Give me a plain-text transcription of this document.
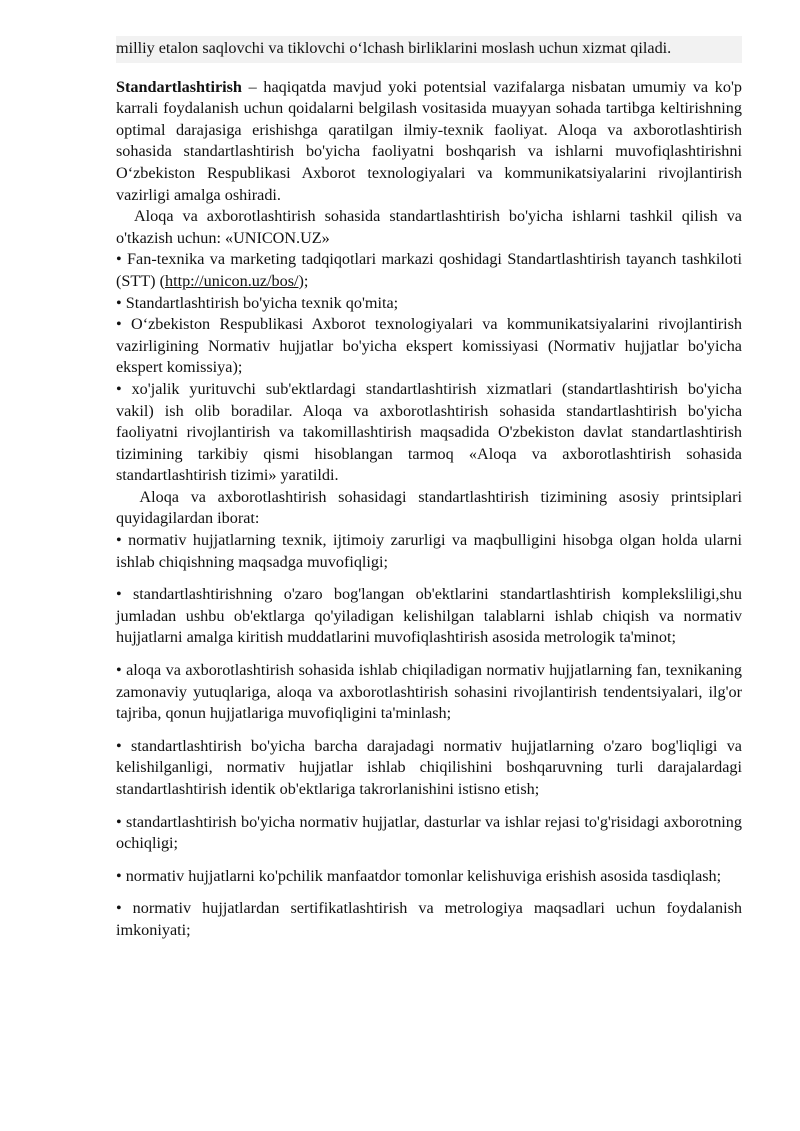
milliy etalon saqlovchi va tiklovchi o‘lchash birliklarini moslash uchun xizmat qiladi.

Standartlashtirish – haqiqatda mavjud yoki potentsial vazifalarga nisbatan umumiy va ko'p karrali foydalanish uchun qoidalarni belgilash vositasida muayyan sohada tartibga keltirishning optimal darajasiga erishishga qaratilgan ilmiy-texnik faoliyat. Aloqa va axborotlashtirish sohasida standartlashtirish bo'yicha faoliyatni boshqarish va ishlarni muvofiqlashtirishni O‘zbekiston Respublikasi Axborot texnologiyalari va kommunikatsiyalarini rivojlantirish vazirligi amalga oshiradi.

Aloqa va axborotlashtirish sohasida standartlashtirish bo'yicha ishlarni tashkil qilish va o'tkazish uchun: «UNICON.UZ»

• Fan-texnika va marketing tadqiqotlari markazi qoshidagi Standartlashtirish tayanch tashkiloti (STT) (http://unicon.uz/bos/);

• Standartlashtirish bo'yicha texnik qo'mita;

• O‘zbekiston Respublikasi Axborot texnologiyalari va kommunikatsiyalarini rivojlantirish vazirligining Normativ hujjatlar bo'yicha ekspert komissiyasi (Normativ hujjatlar bo'yicha ekspert komissiya);

• xo'jalik yurituvchi sub'ektlardagi standartlashtirish xizmatlari (standartlashtirish bo'yicha vakil) ish olib boradilar. Aloqa va axborotlashtirish sohasida standartlashtirish bo'yicha faoliyatni rivojlantirish va takomillashtirish maqsadida O'zbekiston davlat standartlashtirish tizimining tarkibiy qismi hisoblangan tarmoq «Aloqa va axborotlashtirish sohasida standartlashtirish tizimi» yaratildi.

Aloqa va axborotlashtirish sohasidagi standartlashtirish tizimining asosiy printsiplari quyidagilardan iborat:

• normativ hujjatlarning texnik, ijtimoiy zarurligi va maqbulligini hisobga olgan holda ularni ishlab chiqishning maqsadga muvofiqligi;

• standartlashtirishning o'zaro bog'langan ob'ektlarini standartlashtirish kompleksliligi,shu jumladan ushbu ob'ektlarga qo'yiladigan kelishilgan talablarni ishlab chiqish va normativ hujjatlarni amalga kiritish muddatlarini muvofiqlashtirish asosida metrologik ta'minot;

• aloqa va axborotlashtirish sohasida ishlab chiqiladigan normativ hujjatlarning fan, texnikaning zamonaviy yutuqlariga, aloqa va axborotlashtirish sohasini rivojlantirish tendentsiyalari, ilg'or tajriba, qonun hujjatlariga muvofiqligini ta'minlash;

• standartlashtirish bo'yicha barcha darajadagi normativ hujjatlarning o'zaro bog'liqligi va kelishilganligi, normativ hujjatlar ishlab chiqilishini boshqaruvning turli darajalardagi standartlashtirish identik ob'ektlariga takrorlanishini istisno etish;

• standartlashtirish bo'yicha normativ hujjatlar, dasturlar va ishlar rejasi to'g'risidagi axborotning ochiqligi;

• normativ hujjatlarni ko'pchilik manfaatdor tomonlar kelishuviga erishish asosida tasdiqlash;

• normativ hujjatlardan sertifikatlashtirish va metrologiya maqsadlari uchun foydalanish imkoniyati;
